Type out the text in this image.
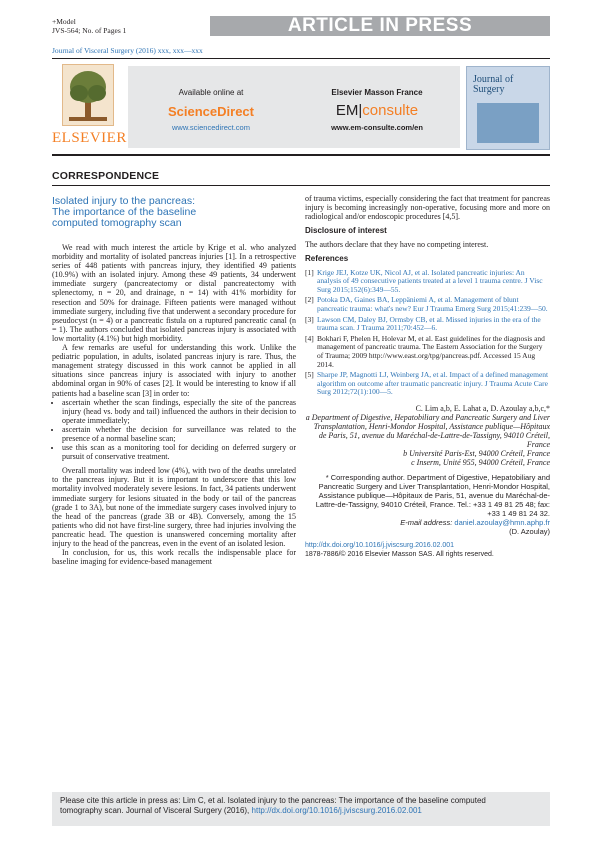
+Model
JVS-564; No. of Pages 1	ARTICLE IN PRESS
Journal of Visceral Surgery (2016) xxx, xxx—xxx
ELSEVIER
Available online at
ScienceDirect
www.sciencedirect.com
Elsevier Masson France
EM|consulte
www.em-consulte.com/en
Journal of
Surgery
CORRESPONDENCE
Isolated injury to the pancreas:
The importance of the baseline
computed tomography scan

We read with much interest the article by Krige et al. who analyzed morbidity and mortality of isolated pancreas injuries [1]. In a retrospective series of 448 patients with pancreas injury, they identified 49 patients (10.9%) with an isolated injury. Among these 49 patients, 34 underwent immediate surgery (pancreatectomy or distal pancreatectomy with splenectomy, n = 20, and drainage, n = 14) with 41% morbidity for resection and 50% for drainage. Fifteen patients were managed without immediate surgery, including five that underwent a secondary procedure for pseudocyst (n = 4) or a pancreatic fistula on a ruptured pancreatic canal (n = 1). The authors concluded that isolated pancreas injury is associated with low mortality (4.1%) but high morbidity.

A few remarks are useful for understanding this work. Unlike the pediatric population, in adults, isolated pancreas injury is rare. Thus, the management strategy discussed in this work cannot be applied in all situations since pancreas injury is associated with injury to another abdominal organ in 90% of cases [2]. It would be interesting to know if all patients had a baseline scan [3] in order to:

• ascertain whether the scan findings, especially the site of the pancreas injury (head vs. body and tail) influenced the authors in their decision to operate immediately;
• ascertain whether the decision for surveillance was related to the presence of a normal baseline scan;
• use this scan as a monitoring tool for deciding on deferred surgery or pursuit of conservative treatment.

Overall mortality was indeed low (4%), with two of the deaths unrelated to the pancreas injury. But it is important to underscore that this low mortality involved moderately severe lesions. In fact, 34 patients underwent immediate surgery for lesions situated in the body or tail of the pancreas (grade 1 to 3A), but none of the immediate surgery cases involved injury to the head of the pancreas (grade 3B or 4B). Conversely, among the 15 patients who did not have first-line surgery, three had injuries involving the pancreatic head. The question is unanswered concerning mortality after injury to the head of the pancreas, even in the event of an isolated lesion.

In conclusion, for us, this work recalls the indispensable place for baseline imaging for evidence-based management

of trauma victims, especially considering the fact that treatment for pancreas injury is becoming increasingly non-operative, focusing more and more on radiological and/or endoscopic procedures [4,5].

Disclosure of interest

The authors declare that they have no competing interest.

References

[1] Krige JEJ, Kotze UK, Nicol AJ, et al. Isolated pancreatic injuries: An analysis of 49 consecutive patients treated at a level 1 trauma centre. J Visc Surg 2015;152(6):349—55.
[2] Potoka DA, Gaines BA, Leppäniemi A, et al. Management of blunt pancreatic trauma: what's new? Eur J Trauma Emerg Surg 2015;41:239—50.
[3] Lawson CM, Daley BJ, Ormsby CB, et al. Missed injuries in the era of the trauma scan. J Trauma 2011;70:452—6.
[4] Bokhari F, Phelen H, Holevar M, et al. East guidelines for the diagnosis and management of pancreatic trauma. The Eastern Association for the Surgery of Trauma; 2009 http://www.east.org/tpg/pancreas.pdf. Accessed 15 Aug 2014.
[5] Sharpe JP, Magnotti LJ, Weinberg JA, et al. Impact of a defined management algorithm on outcome after traumatic pancreatic injury. J Trauma Acute Care Surg 2012;72(1):100—5.

C. Lim a,b, E. Lahat a, D. Azoulay a,b,c,*

a Department of Digestive, Hepatobiliary and Pancreatic Surgery and Liver Transplantation, Henri-Mondor Hospital, Assistance publique—Hôpitaux de Paris, 51, avenue du Maréchal-de-Lattre-de-Tassigny, 94010 Créteil, France

b Université Paris-Est, 94000 Créteil, France

c Inserm, Unité 955, 94000 Créteil, France

* Corresponding author. Department of Digestive, Hepatobiliary and Pancreatic Surgery and Liver Transplantation, Henri-Mondor Hospital, Assistance publique—Hôpitaux de Paris, 51, avenue du Maréchal-de-Lattre-de-Tassigny, 94010 Créteil, France. Tel.: +33 1 49 81 25 48; fax: +33 1 49 81 24 32.

E-mail address: daniel.azoulay@hmn.aphp.fr

(D. Azoulay)

http://dx.doi.org/10.1016/j.jviscsurg.2016.02.001

1878-7886/© 2016 Elsevier Masson SAS. All rights reserved.

Please cite this article in press as: Lim C, et al. Isolated injury to the pancreas: The importance of the baseline computed
tomography scan. Journal of Visceral Surgery (2016), http://dx.doi.org/10.1016/j.jviscsurg.2016.02.001
